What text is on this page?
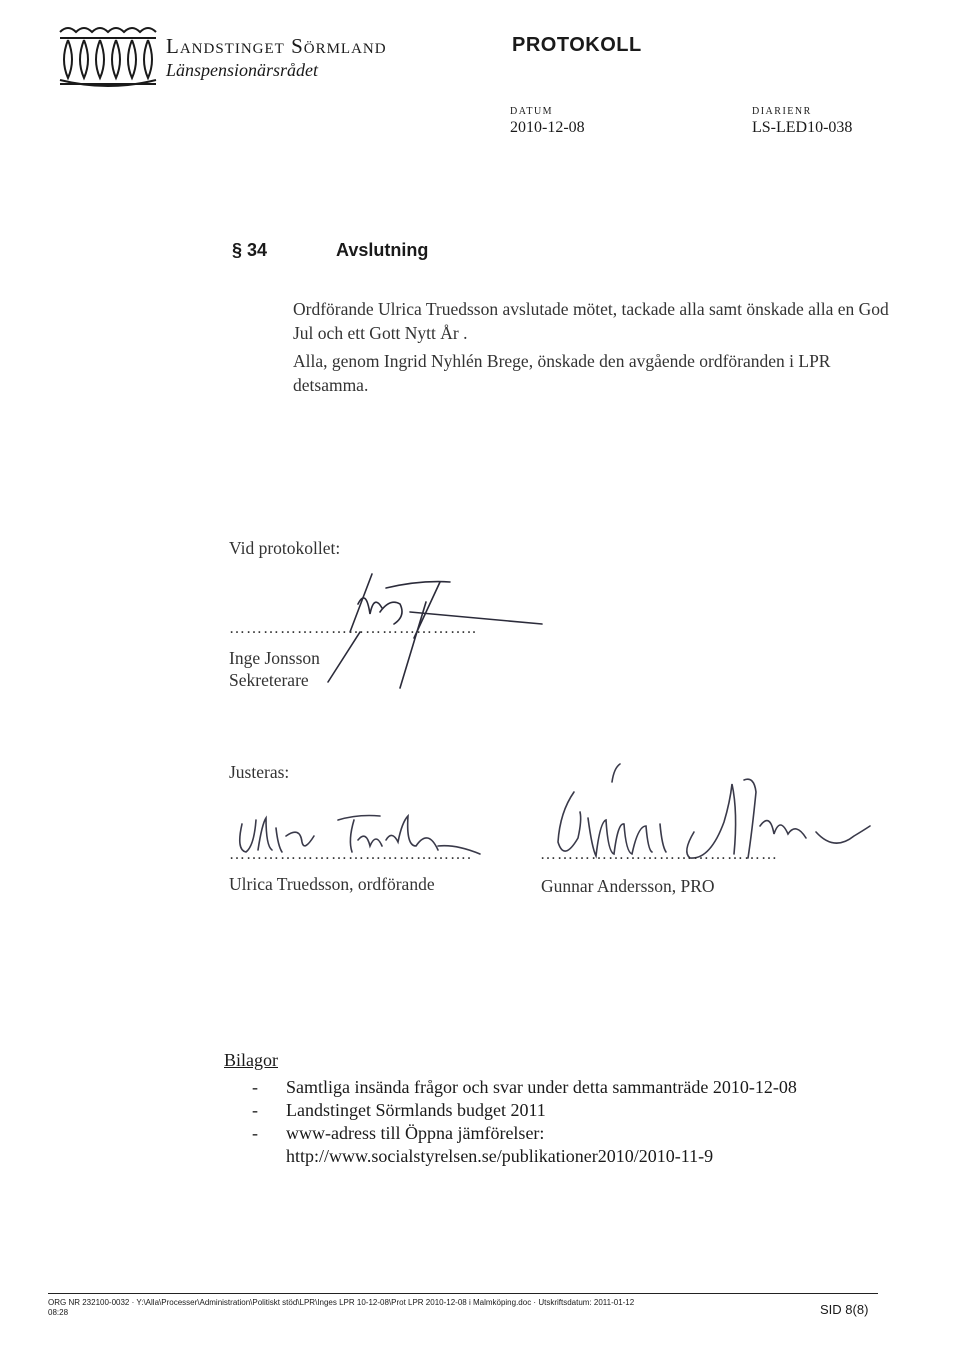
Landstinget Sörmland
Länspensionärsrådet
PROTOKOLL
DATUM
2010-12-08
DIARIENR
LS-LED10-038
§ 34	Avslutning
Ordförande Ulrica Truedsson avslutade mötet, tackade alla samt önskade alla en God Jul och ett Gott Nytt År .
Alla, genom Ingrid Nyhlén Brege, önskade den avgående ordföranden i LPR detsamma.
Vid protokollet:
……………………………………..
Inge Jonsson
Sekreterare
Justeras:
…………………………………….	……………………………………
Ulrica Truedsson, ordförande	Gunnar Andersson, PRO
Bilagor
- Samtliga insända frågor och svar under detta sammanträde 2010-12-08
- Landstinget Sörmlands budget 2011
- www-adress till Öppna jämförelser:
http://www.socialstyrelsen.se/publikationer2010/2010-11-9
ORG NR 232100-0032 · Y:\Alla\Processer\Administration\Politiskt stöd\LPR\Inges LPR 10-12-08\Prot LPR 2010-12-08 i Malmköping.doc · Utskriftsdatum: 2011-01-12
08:28	SID 8(8)
